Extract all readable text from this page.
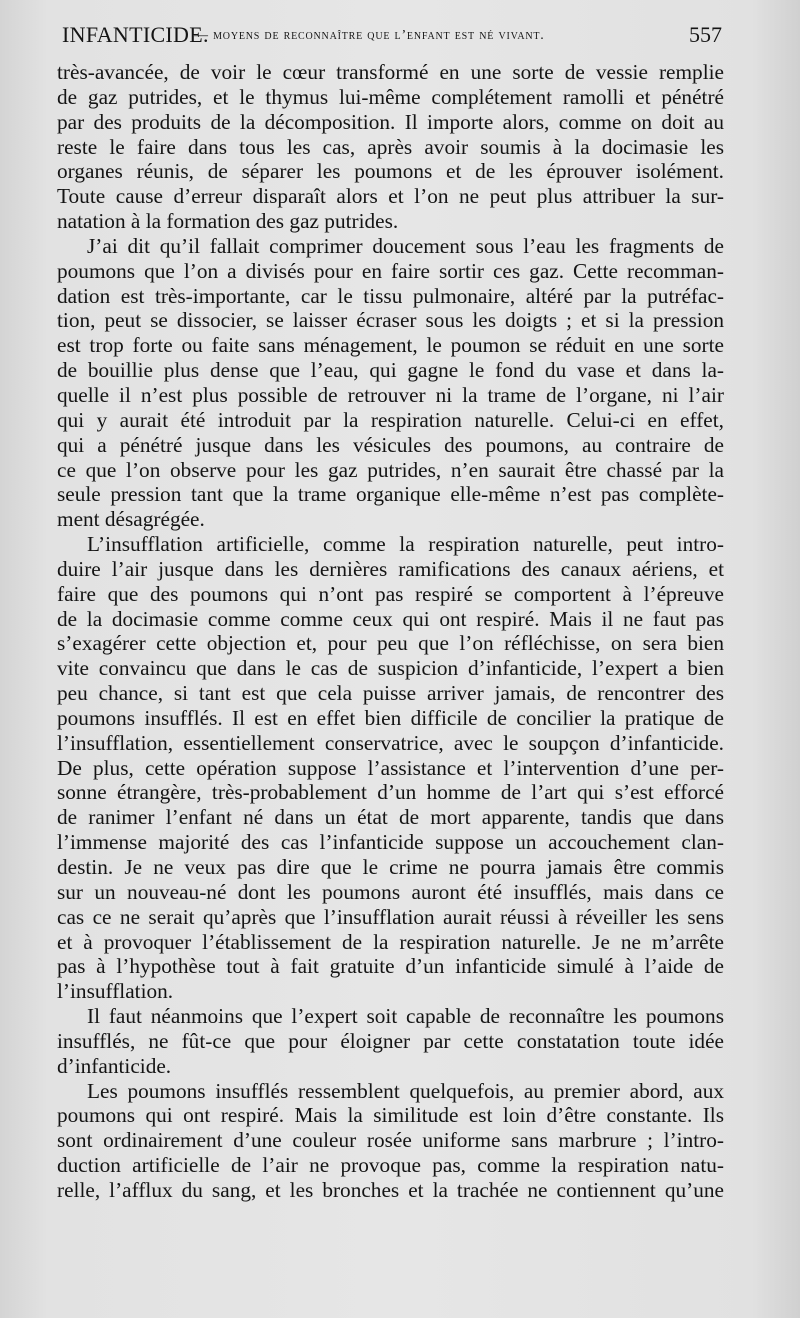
INFANTICIDE.
— moyens de reconnaître que l’enfant est né vivant.	557
très-avancée, de voir le cœur transformé en une sorte de vessie remplie
de gaz putrides, et le thymus lui-même complétement ramolli et pénétré
par des produits de la décomposition. Il importe alors, comme on doit au
reste le faire dans tous les cas, après avoir soumis à la docimasie les
organes réunis, de séparer les poumons et de les éprouver isolément.
Toute cause d’erreur disparaît alors et l’on ne peut plus attribuer la sur-
natation à la formation des gaz putrides.
J’ai dit qu’il fallait comprimer doucement sous l’eau les fragments de
poumons que l’on a divisés pour en faire sortir ces gaz. Cette recomman-
dation est très-importante, car le tissu pulmonaire, altéré par la putréfac-
tion, peut se dissocier, se laisser écraser sous les doigts ; et si la pression
est trop forte ou faite sans ménagement, le poumon se réduit en une sorte
de bouillie plus dense que l’eau, qui gagne le fond du vase et dans la-
quelle il n’est plus possible de retrouver ni la trame de l’organe, ni l’air
qui y aurait été introduit par la respiration naturelle. Celui-ci en effet,
qui a pénétré jusque dans les vésicules des poumons, au contraire de
ce que l’on observe pour les gaz putrides, n’en saurait être chassé par la
seule pression tant que la trame organique elle-même n’est pas complète-
ment désagrégée.
L’insufflation artificielle, comme la respiration naturelle, peut intro-
duire l’air jusque dans les dernières ramifications des canaux aériens, et
faire que des poumons qui n’ont pas respiré se comportent à l’épreuve
de la docimasie comme comme ceux qui ont respiré. Mais il ne faut pas
s’exagérer cette objection et, pour peu que l’on réfléchisse, on sera bien
vite convaincu que dans le cas de suspicion d’infanticide, l’expert a bien
peu chance, si tant est que cela puisse arriver jamais, de rencontrer des
poumons insufflés. Il est en effet bien difficile de concilier la pratique de
l’insufflation, essentiellement conservatrice, avec le soupçon d’infanticide.
De plus, cette opération suppose l’assistance et l’intervention d’une per-
sonne étrangère, très-probablement d’un homme de l’art qui s’est efforcé
de ranimer l’enfant né dans un état de mort apparente, tandis que dans
l’immense majorité des cas l’infanticide suppose un accouchement clan-
destin. Je ne veux pas dire que le crime ne pourra jamais être commis
sur un nouveau-né dont les poumons auront été insufflés, mais dans ce
cas ce ne serait qu’après que l’insufflation aurait réussi à réveiller les sens
et à provoquer l’établissement de la respiration naturelle. Je ne m’arrête
pas à l’hypothèse tout à fait gratuite d’un infanticide simulé à l’aide de
l’insufflation.
Il faut néanmoins que l’expert soit capable de reconnaître les poumons
insufflés, ne fût-ce que pour éloigner par cette constatation toute idée
d’infanticide.
Les poumons insufflés ressemblent quelquefois, au premier abord, aux
poumons qui ont respiré. Mais la similitude est loin d’être constante. Ils
sont ordinairement d’une couleur rosée uniforme sans marbrure ; l’intro-
duction artificielle de l’air ne provoque pas, comme la respiration natu-
relle, l’afflux du sang, et les bronches et la trachée ne contiennent qu’une
